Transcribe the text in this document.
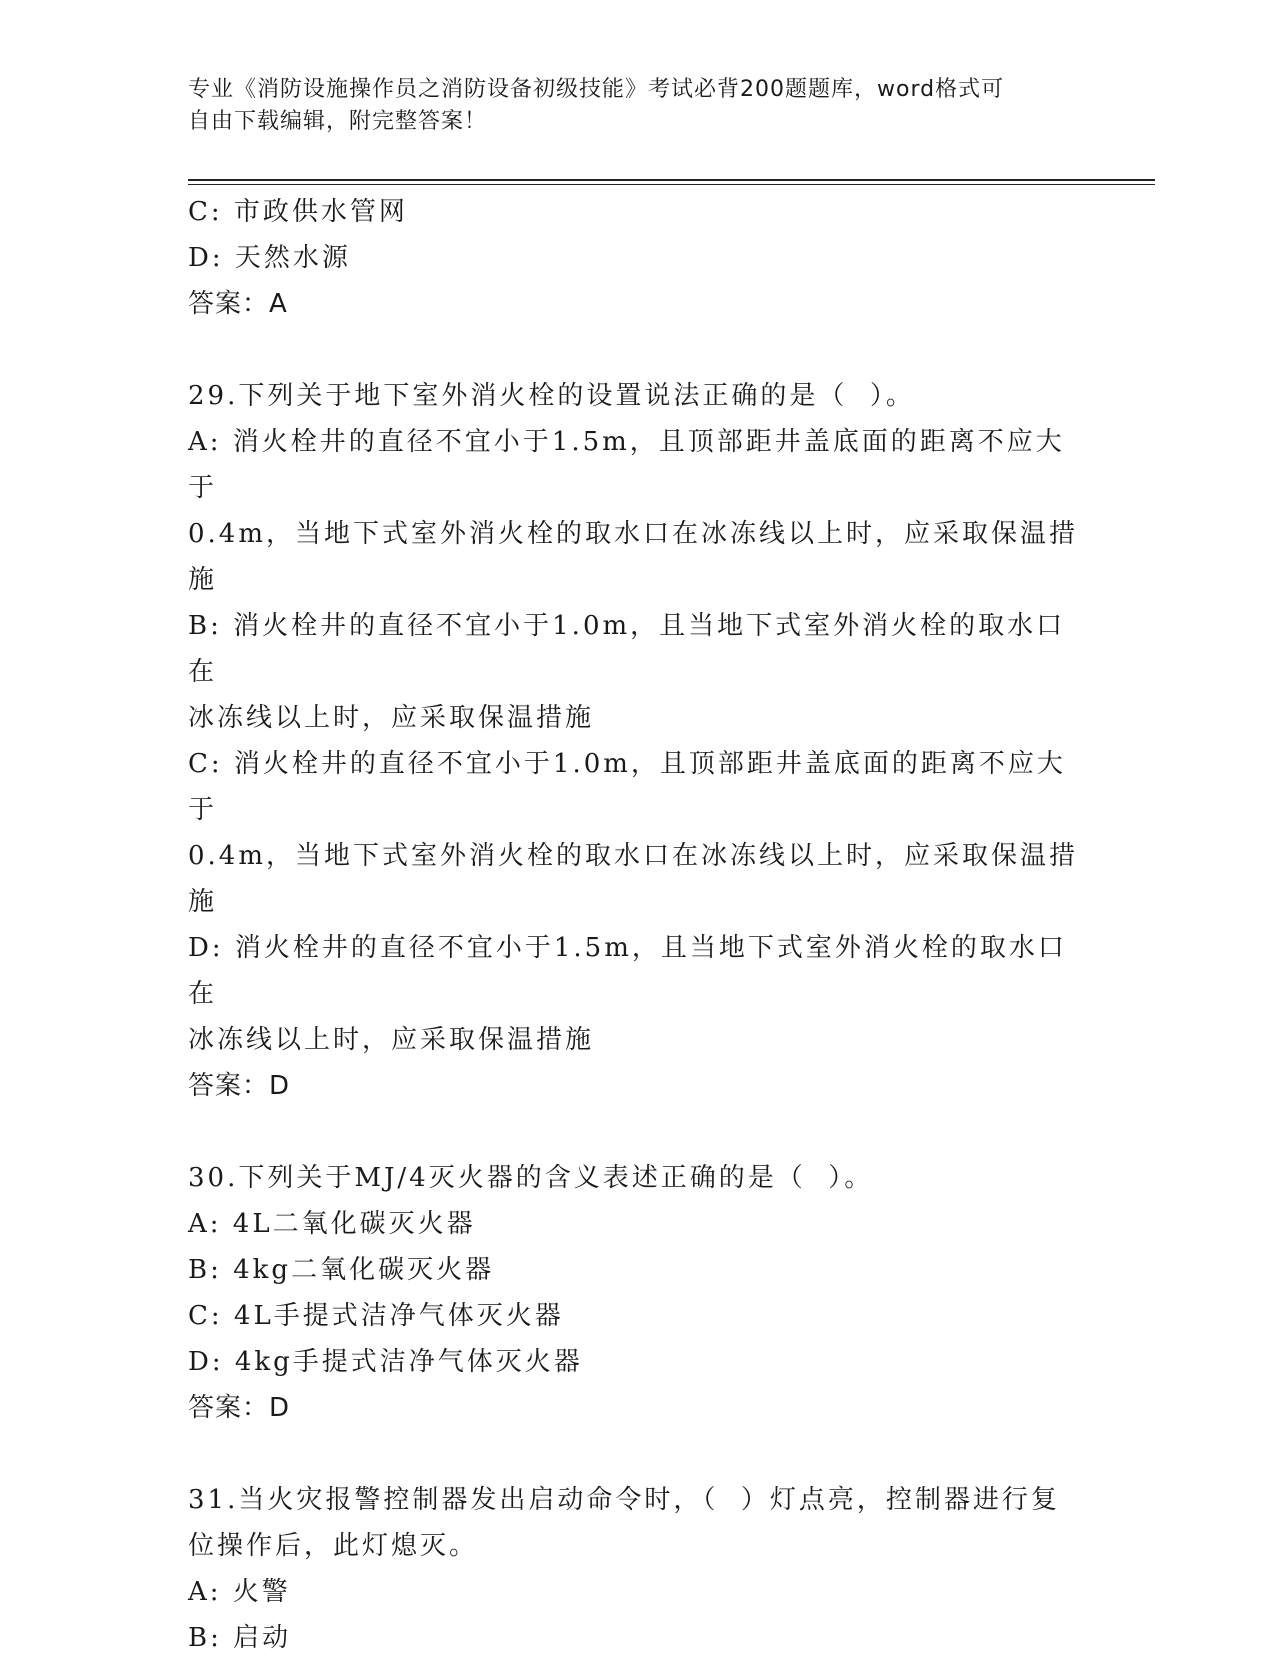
专业《消防设施操作员之消防设备初级技能》考试必背200题题库，word格式可
自由下载编辑，附完整答案！
C: 市政供水管网
D: 天然水源
答案：A
29.下列关于地下室外消火栓的设置说法正确的是（  ）。
A: 消火栓井的直径不宜小于1.5m，且顶部距井盖底面的距离不应大于
0.4m，当地下式室外消火栓的取水口在冰冻线以上时，应采取保温措
施
B: 消火栓井的直径不宜小于1.0m，且当地下式室外消火栓的取水口在
冰冻线以上时，应采取保温措施
C: 消火栓井的直径不宜小于1.0m，且顶部距井盖底面的距离不应大于
0.4m，当地下式室外消火栓的取水口在冰冻线以上时，应采取保温措
施
D: 消火栓井的直径不宜小于1.5m，且当地下式室外消火栓的取水口在
冰冻线以上时，应采取保温措施
答案：D
30.下列关于MJ/4灭火器的含义表述正确的是（  ）。
A: 4L二氧化碳灭火器
B: 4kg二氧化碳灭火器
C: 4L手提式洁净气体灭火器
D: 4kg手提式洁净气体灭火器
答案：D
31.当火灾报警控制器发出启动命令时，（  ）灯点亮，控制器进行复
位操作后，此灯熄灭。
A: 火警
B: 启动
